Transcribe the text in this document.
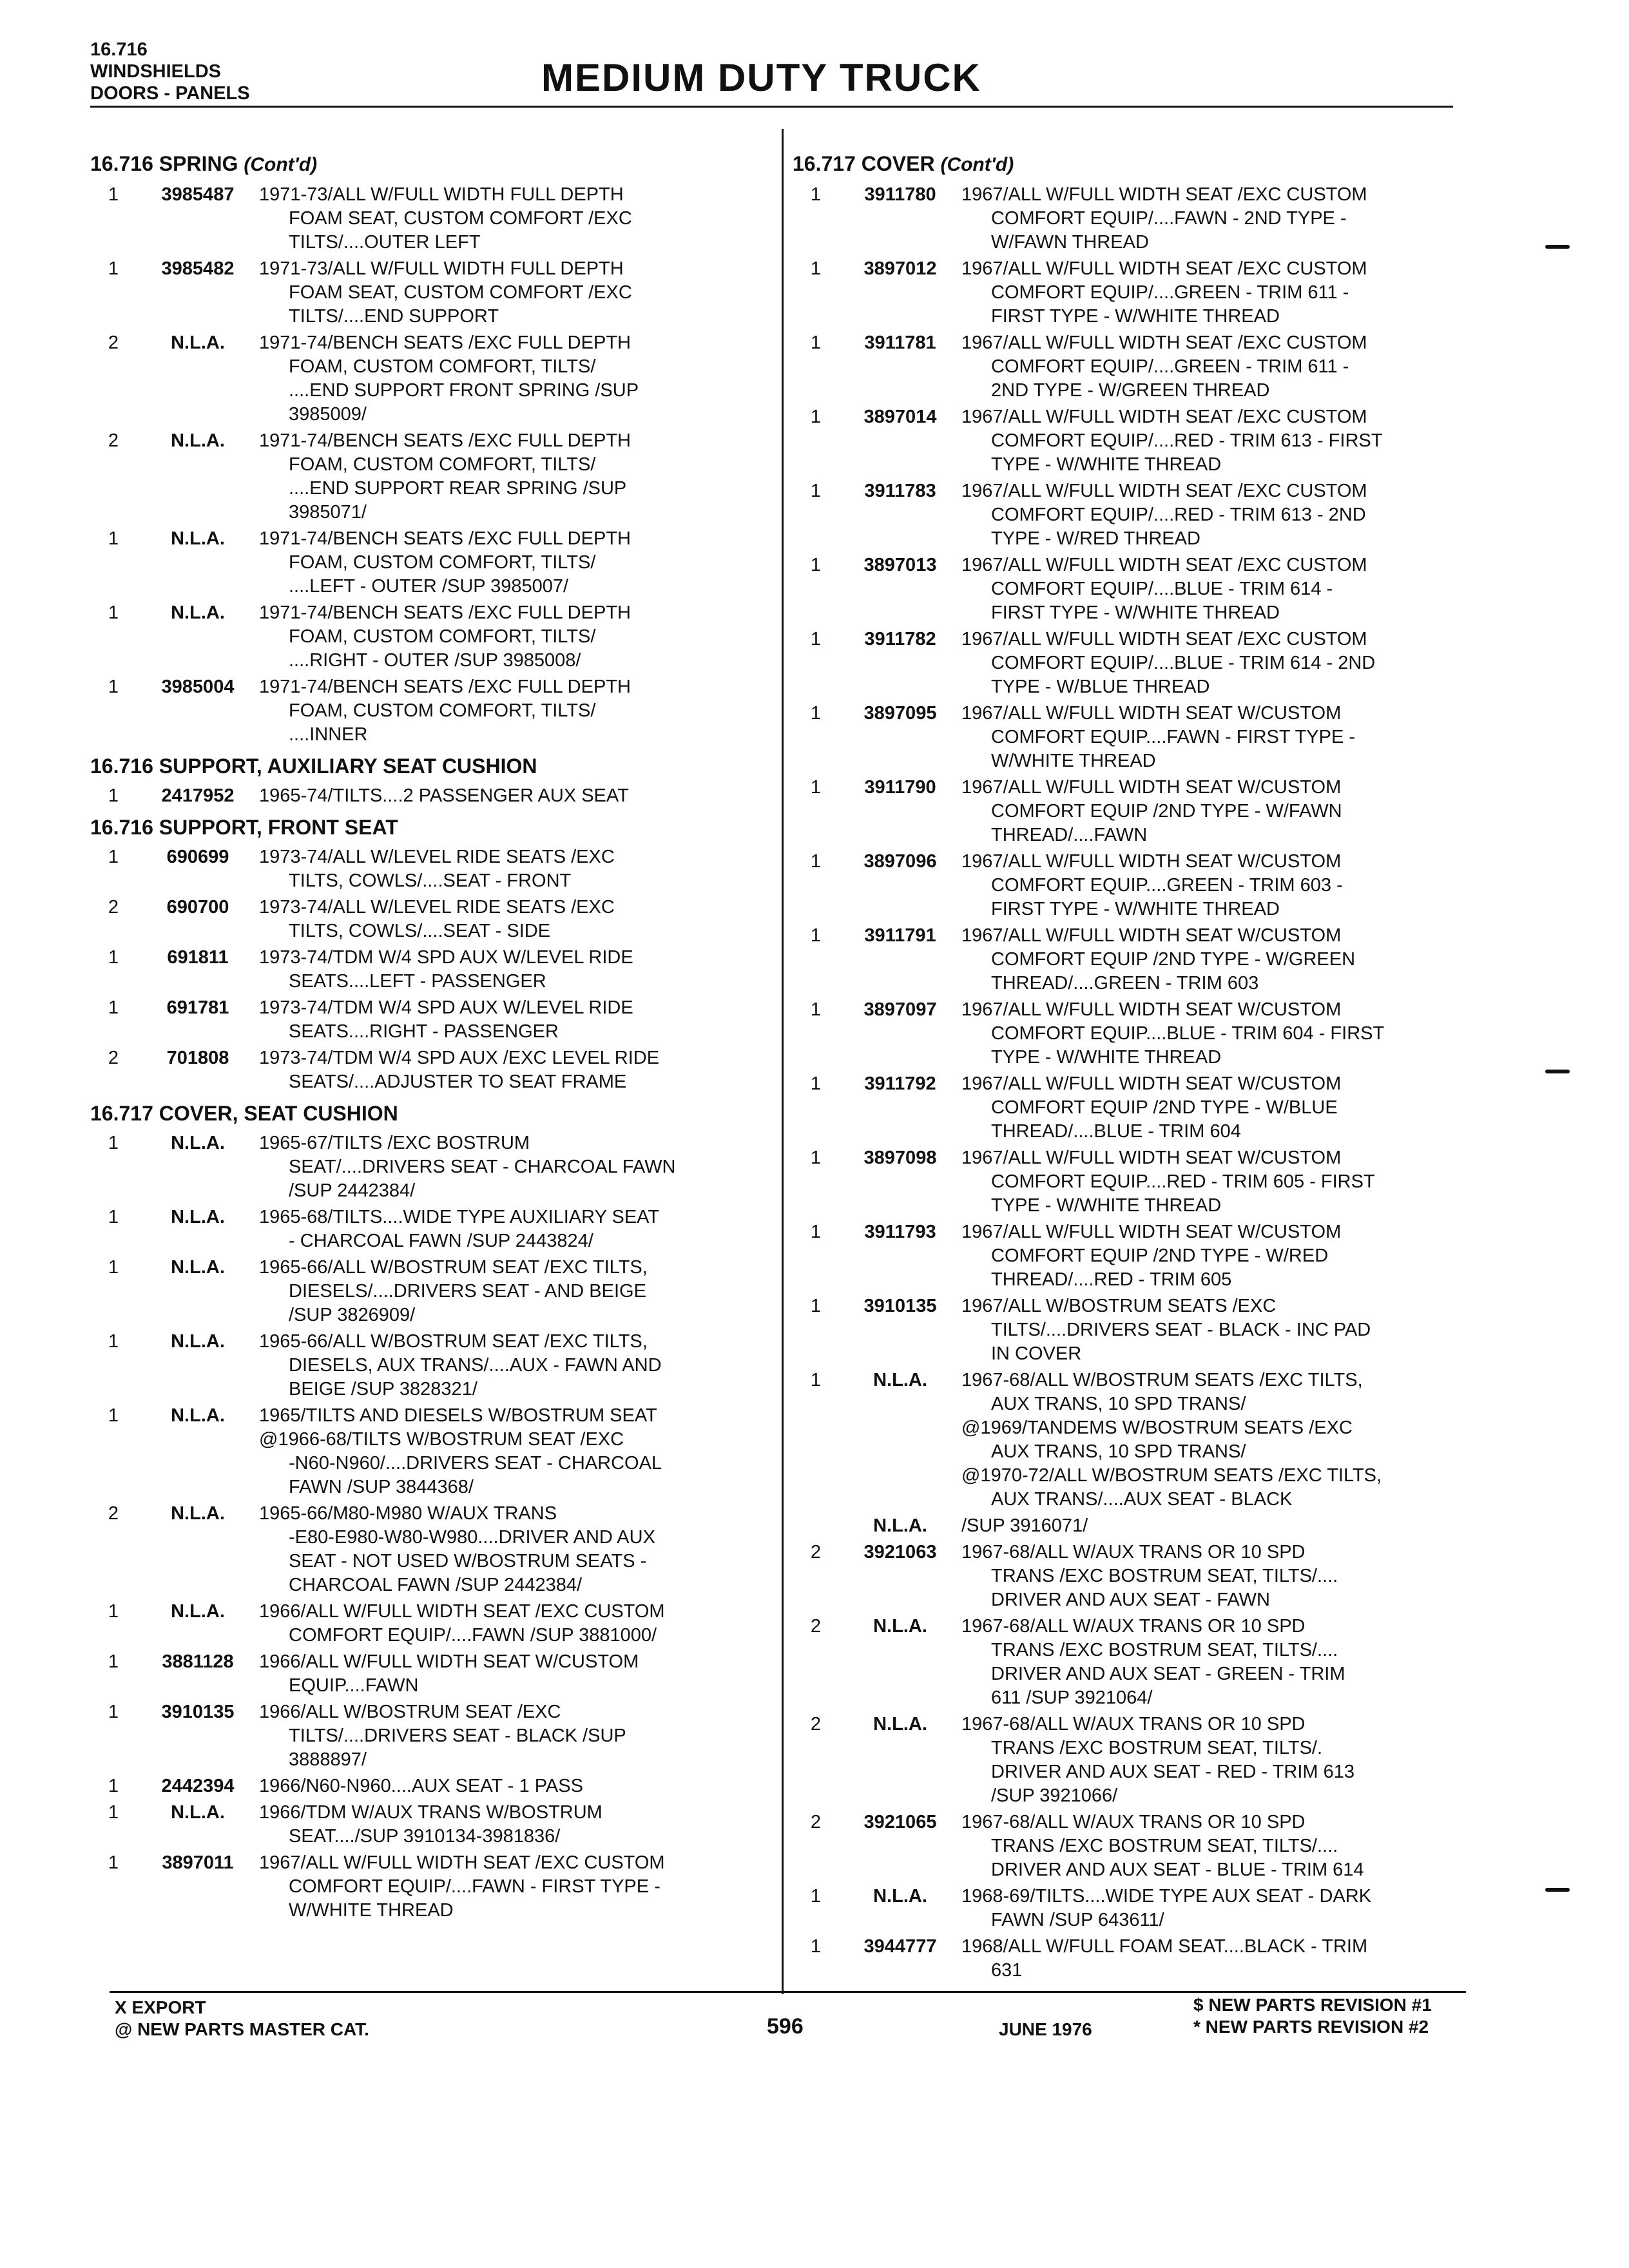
16.716
WINDSHIELDS
DOORS - PANELS	MEDIUM DUTY TRUCK
16.716 SPRING (Cont'd)
1	3985487	1971-73/ALL W/FULL WIDTH FULL DEPTH
FOAM SEAT, CUSTOM COMFORT /EXC
TILTS/....OUTER LEFT
1	3985482	1971-73/ALL W/FULL WIDTH FULL DEPTH
FOAM SEAT, CUSTOM COMFORT /EXC
TILTS/....END SUPPORT
2	N.L.A.	1971-74/BENCH SEATS /EXC FULL DEPTH
FOAM, CUSTOM COMFORT, TILTS/
....END SUPPORT FRONT SPRING /SUP
3985009/
2	N.L.A.	1971-74/BENCH SEATS /EXC FULL DEPTH
FOAM, CUSTOM COMFORT, TILTS/
....END SUPPORT REAR SPRING /SUP
3985071/
1	N.L.A.	1971-74/BENCH SEATS /EXC FULL DEPTH
FOAM, CUSTOM COMFORT, TILTS/
....LEFT - OUTER /SUP 3985007/
1	N.L.A.	1971-74/BENCH SEATS /EXC FULL DEPTH
FOAM, CUSTOM COMFORT, TILTS/
....RIGHT - OUTER /SUP 3985008/
1	3985004	1971-74/BENCH SEATS /EXC FULL DEPTH
FOAM, CUSTOM COMFORT, TILTS/
....INNER
16.716 SUPPORT, AUXILIARY SEAT CUSHION
1	2417952	1965-74/TILTS....2 PASSENGER AUX SEAT
16.716 SUPPORT, FRONT SEAT
1	690699	1973-74/ALL W/LEVEL RIDE SEATS /EXC
TILTS, COWLS/....SEAT - FRONT
2	690700	1973-74/ALL W/LEVEL RIDE SEATS /EXC
TILTS, COWLS/....SEAT - SIDE
1	691811	1973-74/TDM W/4 SPD AUX W/LEVEL RIDE
SEATS....LEFT - PASSENGER
1	691781	1973-74/TDM W/4 SPD AUX W/LEVEL RIDE
SEATS....RIGHT - PASSENGER
2	701808	1973-74/TDM W/4 SPD AUX /EXC LEVEL RIDE
SEATS/....ADJUSTER TO SEAT FRAME
16.717 COVER, SEAT CUSHION
1	N.L.A.	1965-67/TILTS /EXC BOSTRUM
SEAT/....DRIVERS SEAT - CHARCOAL FAWN
/SUP 2442384/
1	N.L.A.	1965-68/TILTS....WIDE TYPE AUXILIARY SEAT
- CHARCOAL FAWN /SUP 2443824/
1	N.L.A.	1965-66/ALL W/BOSTRUM SEAT /EXC TILTS,
DIESELS/....DRIVERS SEAT - AND BEIGE
/SUP 3826909/
1	N.L.A.	1965-66/ALL W/BOSTRUM SEAT /EXC TILTS,
DIESELS, AUX TRANS/....AUX - FAWN AND
BEIGE /SUP 3828321/
1	N.L.A.	1965/TILTS AND DIESELS W/BOSTRUM SEAT
@1966-68/TILTS W/BOSTRUM SEAT /EXC
-N60-N960/....DRIVERS SEAT - CHARCOAL
FAWN /SUP 3844368/
2	N.L.A.	1965-66/M80-M980 W/AUX TRANS
-E80-E980-W80-W980....DRIVER AND AUX
SEAT - NOT USED W/BOSTRUM SEATS -
CHARCOAL FAWN /SUP 2442384/
1	N.L.A.	1966/ALL W/FULL WIDTH SEAT /EXC CUSTOM
COMFORT EQUIP/....FAWN /SUP 3881000/
1	3881128	1966/ALL W/FULL WIDTH SEAT W/CUSTOM
EQUIP....FAWN
1	3910135	1966/ALL W/BOSTRUM SEAT /EXC
TILTS/....DRIVERS SEAT - BLACK /SUP
3888897/
1	2442394	1966/N60-N960....AUX SEAT - 1 PASS
1	N.L.A.	1966/TDM W/AUX TRANS W/BOSTRUM
SEAT..../SUP 3910134-3981836/
1	3897011	1967/ALL W/FULL WIDTH SEAT /EXC CUSTOM
COMFORT EQUIP/....FAWN - FIRST TYPE -
W/WHITE THREAD
16.717 COVER (Cont'd)
1	3911780	1967/ALL W/FULL WIDTH SEAT /EXC CUSTOM
COMFORT EQUIP/....FAWN - 2ND TYPE -
W/FAWN THREAD
1	3897012	1967/ALL W/FULL WIDTH SEAT /EXC CUSTOM
COMFORT EQUIP/....GREEN - TRIM 611 -
FIRST TYPE - W/WHITE THREAD
1	3911781	1967/ALL W/FULL WIDTH SEAT /EXC CUSTOM
COMFORT EQUIP/....GREEN - TRIM 611 -
2ND TYPE - W/GREEN THREAD
1	3897014	1967/ALL W/FULL WIDTH SEAT /EXC CUSTOM
COMFORT EQUIP/....RED - TRIM 613 - FIRST
TYPE - W/WHITE THREAD
1	3911783	1967/ALL W/FULL WIDTH SEAT /EXC CUSTOM
COMFORT EQUIP/....RED - TRIM 613 - 2ND
TYPE - W/RED THREAD
1	3897013	1967/ALL W/FULL WIDTH SEAT /EXC CUSTOM
COMFORT EQUIP/....BLUE - TRIM 614 -
FIRST TYPE - W/WHITE THREAD
1	3911782	1967/ALL W/FULL WIDTH SEAT /EXC CUSTOM
COMFORT EQUIP/....BLUE - TRIM 614 - 2ND
TYPE - W/BLUE THREAD
1	3897095	1967/ALL W/FULL WIDTH SEAT W/CUSTOM
COMFORT EQUIP....FAWN - FIRST TYPE -
W/WHITE THREAD
1	3911790	1967/ALL W/FULL WIDTH SEAT W/CUSTOM
COMFORT EQUIP /2ND TYPE - W/FAWN
THREAD/....FAWN
1	3897096	1967/ALL W/FULL WIDTH SEAT W/CUSTOM
COMFORT EQUIP....GREEN - TRIM 603 -
FIRST TYPE - W/WHITE THREAD
1	3911791	1967/ALL W/FULL WIDTH SEAT W/CUSTOM
COMFORT EQUIP /2ND TYPE - W/GREEN
THREAD/....GREEN - TRIM 603
1	3897097	1967/ALL W/FULL WIDTH SEAT W/CUSTOM
COMFORT EQUIP....BLUE - TRIM 604 - FIRST
TYPE - W/WHITE THREAD
1	3911792	1967/ALL W/FULL WIDTH SEAT W/CUSTOM
COMFORT EQUIP /2ND TYPE - W/BLUE
THREAD/....BLUE - TRIM 604
1	3897098	1967/ALL W/FULL WIDTH SEAT W/CUSTOM
COMFORT EQUIP....RED - TRIM 605 - FIRST
TYPE - W/WHITE THREAD
1	3911793	1967/ALL W/FULL WIDTH SEAT W/CUSTOM
COMFORT EQUIP /2ND TYPE - W/RED
THREAD/....RED - TRIM 605
1	3910135	1967/ALL W/BOSTRUM SEATS /EXC
TILTS/....DRIVERS SEAT - BLACK - INC PAD
IN COVER
1	N.L.A.	1967-68/ALL W/BOSTRUM SEATS /EXC TILTS,
AUX TRANS, 10 SPD TRANS/
@1969/TANDEMS W/BOSTRUM SEATS /EXC
AUX TRANS, 10 SPD TRANS/
@1970-72/ALL W/BOSTRUM SEATS /EXC TILTS,
AUX TRANS/....AUX SEAT - BLACK
N.L.A.	/SUP 3916071/
2	3921063	1967-68/ALL W/AUX TRANS OR 10 SPD
TRANS /EXC BOSTRUM SEAT, TILTS/....
DRIVER AND AUX SEAT - FAWN
2	N.L.A.	1967-68/ALL W/AUX TRANS OR 10 SPD
TRANS /EXC BOSTRUM SEAT, TILTS/....
DRIVER AND AUX SEAT - GREEN - TRIM
611 /SUP 3921064/
2	N.L.A.	1967-68/ALL W/AUX TRANS OR 10 SPD
TRANS /EXC BOSTRUM SEAT, TILTS/.
DRIVER AND AUX SEAT - RED - TRIM 613
/SUP 3921066/
2	3921065	1967-68/ALL W/AUX TRANS OR 10 SPD
TRANS /EXC BOSTRUM SEAT, TILTS/....
DRIVER AND AUX SEAT - BLUE - TRIM 614
1	N.L.A.	1968-69/TILTS....WIDE TYPE AUX SEAT - DARK
FAWN /SUP 643611/
1	3944777	1968/ALL W/FULL FOAM SEAT....BLACK - TRIM
631
X EXPORT
@ NEW PARTS MASTER CAT.	596	JUNE 1976
$ NEW PARTS REVISION #1
* NEW PARTS REVISION #2
